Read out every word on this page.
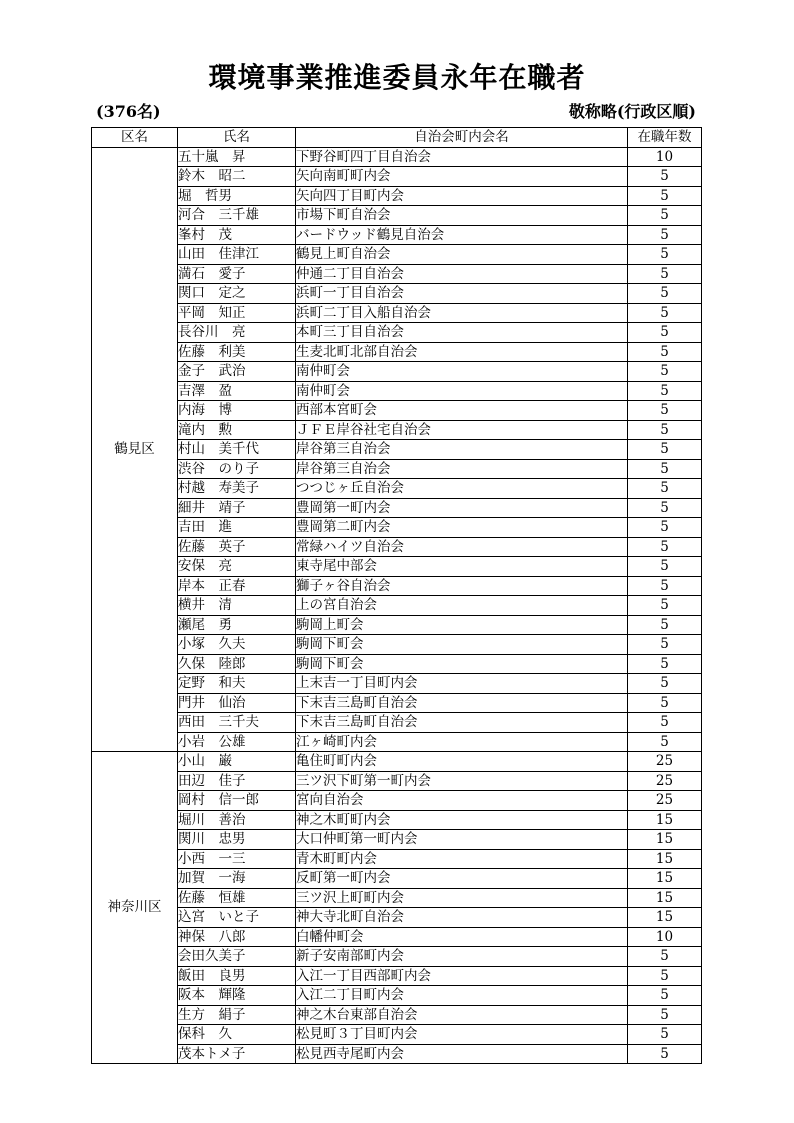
環境事業推進委員永年在職者
(376名)	敬称略(行政区順)
区名	氏名	自治会町内会名	在職年数
鶴見区	五十嵐　昇	下野谷町四丁目自治会	10
	鈴木　昭二	矢向南町町内会	5
	堀　哲男	矢向四丁目町内会	5
	河合　三千雄	市場下町自治会	5
	峯村　茂	バードウッド鶴見自治会	5
	山田　佳津江	鶴見上町自治会	5
	満石　愛子	仲通二丁目自治会	5
	関口　定之	浜町一丁目自治会	5
	平岡　知正	浜町二丁目入船自治会	5
	長谷川　亮	本町三丁目自治会	5
	佐藤　利美	生麦北町北部自治会	5
	金子　武治	南仲町会	5
	吉澤　盈	南仲町会	5
	内海　博	西部本宮町会	5
	滝内　勲	ＪＦＥ岸谷社宅自治会	5
	村山　美千代	岸谷第三自治会	5
	渋谷　のり子	岸谷第三自治会	5
	村越　寿美子	つつじヶ丘自治会	5
	細井　靖子	豊岡第一町内会	5
	吉田　進	豊岡第二町内会	5
	佐藤　英子	常緑ハイツ自治会	5
	安保　亮	東寺尾中部会	5
	岸本　正春	獅子ヶ谷自治会	5
	横井　清	上の宮自治会	5
	瀬尾　勇	駒岡上町会	5
	小塚　久夫	駒岡下町会	5
	久保　陸郎	駒岡下町会	5
	定野　和夫	上末吉一丁目町内会	5
	門井　仙治	下末吉三島町自治会	5
	西田　三千夫	下末吉三島町自治会	5
	小岩　公雄	江ヶ崎町内会	5
神奈川区	小山　巌	亀住町町内会	25
	田辺　佳子	三ツ沢下町第一町内会	25
	岡村　信一郎	宮向自治会	25
	堀川　善治	神之木町町内会	15
	関川　忠男	大口仲町第一町内会	15
	小西　一三	青木町町内会	15
	加賀　一海	反町第一町内会	15
	佐藤　恒雄	三ツ沢上町町内会	15
	込宮　いと子	神大寺北町自治会	15
	神保　八郎	白幡仲町会	10
	会田久美子	新子安南部町内会	5
	飯田　良男	入江一丁目西部町内会	5
	阪本　輝隆	入江二丁目町内会	5
	生方　絹子	神之木台東部自治会	5
	保科　久	松見町３丁目町内会	5
	茂本トメ子	松見西寺尾町内会	5
